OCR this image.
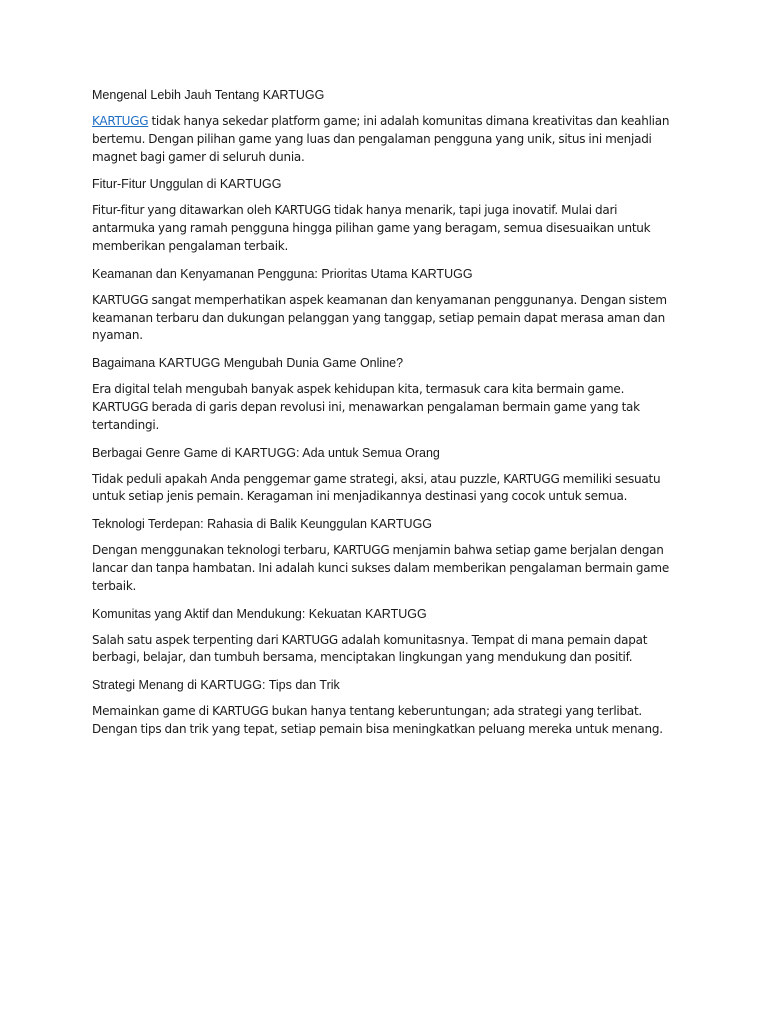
Mengenal Lebih Jauh Tentang KARTUGG

KARTUGG tidak hanya sekedar platform game; ini adalah komunitas dimana kreativitas dan keahlian bertemu. Dengan pilihan game yang luas dan pengalaman pengguna yang unik, situs ini menjadi magnet bagi gamer di seluruh dunia.

Fitur-Fitur Unggulan di KARTUGG

Fitur-fitur yang ditawarkan oleh KARTUGG tidak hanya menarik, tapi juga inovatif. Mulai dari antarmuka yang ramah pengguna hingga pilihan game yang beragam, semua disesuaikan untuk memberikan pengalaman terbaik.

Keamanan dan Kenyamanan Pengguna: Prioritas Utama KARTUGG

KARTUGG sangat memperhatikan aspek keamanan dan kenyamanan penggunanya. Dengan sistem keamanan terbaru dan dukungan pelanggan yang tanggap, setiap pemain dapat merasa aman dan nyaman.

Bagaimana KARTUGG Mengubah Dunia Game Online?

Era digital telah mengubah banyak aspek kehidupan kita, termasuk cara kita bermain game. KARTUGG berada di garis depan revolusi ini, menawarkan pengalaman bermain game yang tak tertandingi.

Berbagai Genre Game di KARTUGG: Ada untuk Semua Orang

Tidak peduli apakah Anda penggemar game strategi, aksi, atau puzzle, KARTUGG memiliki sesuatu untuk setiap jenis pemain. Keragaman ini menjadikannya destinasi yang cocok untuk semua.

Teknologi Terdepan: Rahasia di Balik Keunggulan KARTUGG

Dengan menggunakan teknologi terbaru, KARTUGG menjamin bahwa setiap game berjalan dengan lancar dan tanpa hambatan. Ini adalah kunci sukses dalam memberikan pengalaman bermain game terbaik.

Komunitas yang Aktif dan Mendukung: Kekuatan KARTUGG

Salah satu aspek terpenting dari KARTUGG adalah komunitasnya. Tempat di mana pemain dapat berbagi, belajar, dan tumbuh bersama, menciptakan lingkungan yang mendukung dan positif.

Strategi Menang di KARTUGG: Tips dan Trik

Memainkan game di KARTUGG bukan hanya tentang keberuntungan; ada strategi yang terlibat. Dengan tips dan trik yang tepat, setiap pemain bisa meningkatkan peluang mereka untuk menang.
